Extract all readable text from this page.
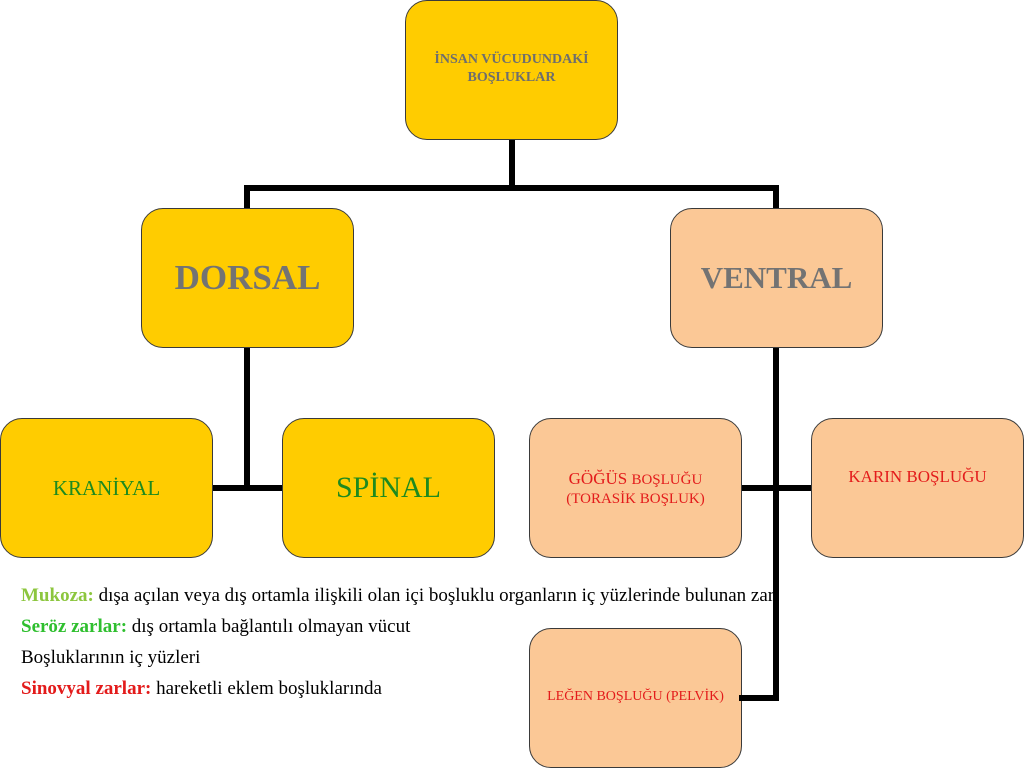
İNSAN VÜCUDUNDAKİ
BOŞLUKLAR
DORSAL	VENTRAL
KRANİYAL	SPİNAL	GÖĞÜS BOŞLUĞU
(TORASİK BOŞLUK)
KARIN BOŞLUĞU
LEĞEN BOŞLUĞU (PELVİK)

Mukoza: dışa açılan veya dış ortamla ilişkili olan içi boşluklu organların iç yüzlerinde bulunan zar.

Seröz zarlar: dış ortamla bağlantılı olmayan vücut

Boşluklarının iç yüzleri

Sinovyal zarlar: hareketli eklem boşluklarında
